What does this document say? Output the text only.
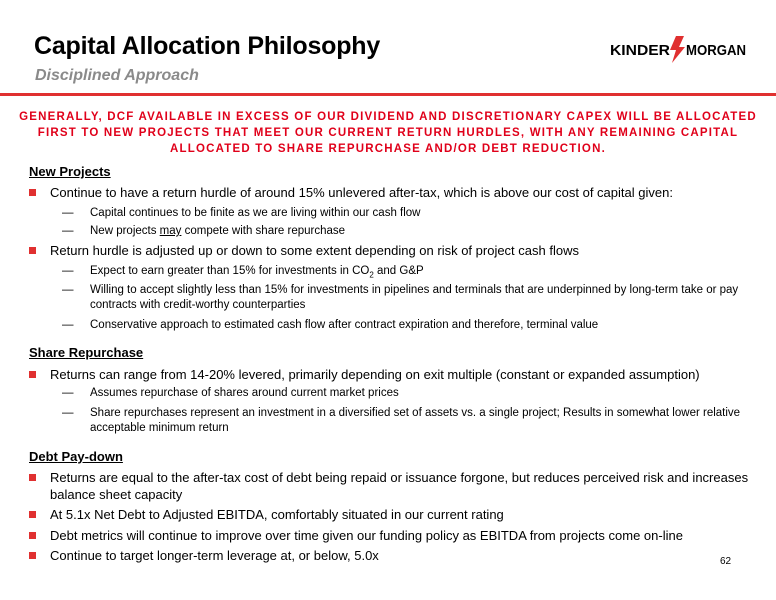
Capital Allocation Philosophy
Disciplined Approach
KINDER MORGAN
GENERALLY, DCF AVAILABLE IN EXCESS OF OUR DIVIDEND AND DISCRETIONARY CAPEX WILL BE ALLOCATED FIRST TO NEW PROJECTS THAT MEET OUR CURRENT RETURN HURDLES, WITH ANY REMAINING CAPITAL ALLOCATED TO SHARE REPURCHASE AND/OR DEBT REDUCTION.
New Projects
Continue to have a return hurdle of around 15% unlevered after-tax, which is above our cost of capital given:
— Capital continues to be finite as we are living within our cash flow
— New projects may compete with share repurchase
Return hurdle is adjusted up or down to some extent depending on risk of project cash flows
— Expect to earn greater than 15% for investments in $CO_2$ and G&P
— Willing to accept slightly less than 15% for investments in pipelines and terminals that are underpinned by long-term take or pay contracts with credit-worthy counterparties
— Conservative approach to estimated cash flow after contract expiration and therefore, terminal value
Share Repurchase
Returns can range from 14-20% levered, primarily depending on exit multiple (constant or expanded assumption)
— Assumes repurchase of shares around current market prices
— Share repurchases represent an investment in a diversified set of assets vs. a single project; Results in somewhat lower relative acceptable minimum return
Debt Pay-down
Returns are equal to the after-tax cost of debt being repaid or issuance forgone, but reduces perceived risk and increases balance sheet capacity
At 5.1x Net Debt to Adjusted EBITDA, comfortably situated in our current rating
Debt metrics will continue to improve over time given our funding policy as EBITDA from projects come on-line
Continue to target longer-term leverage at, or below, 5.0x	62
